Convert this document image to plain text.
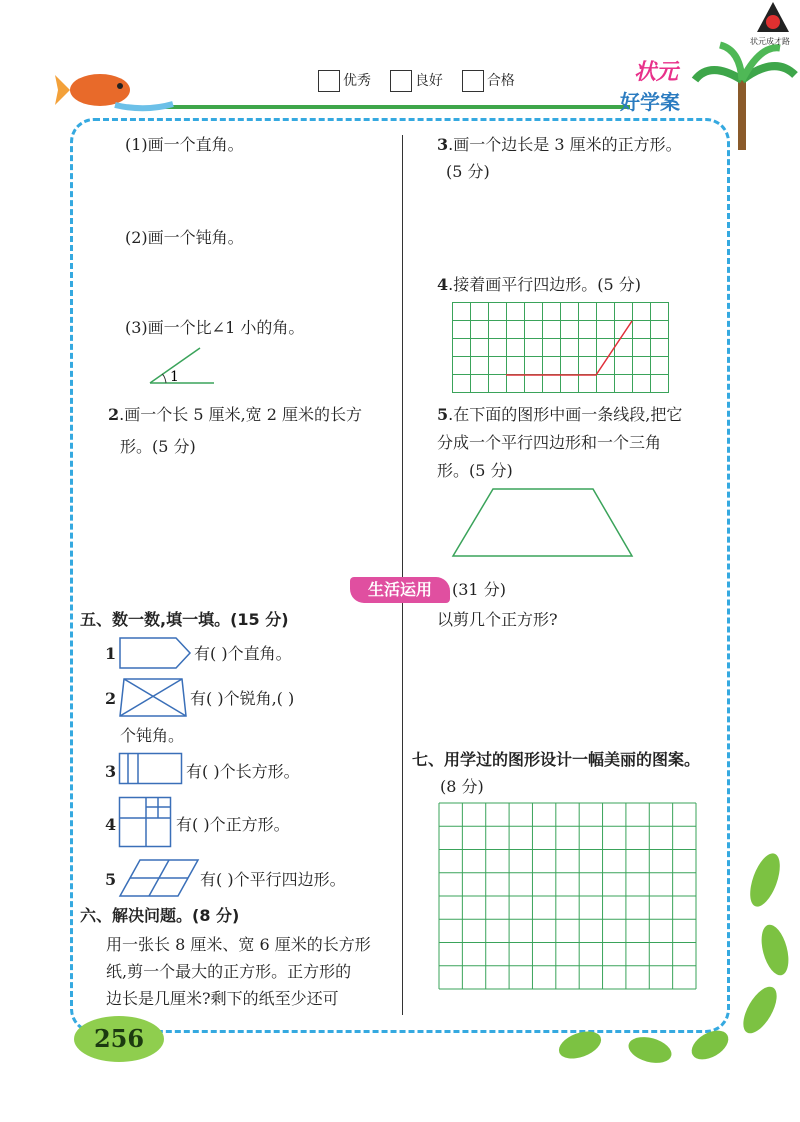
状元成才路
优秀	良好	合格	状元
好学案
(1)画一个直角。
(2)画一个钝角。
(3)画一个比∠1 小的角。
1
2.画一个长 5 厘米,宽 2 厘米的长方
形。(5 分)
3.画一个边长是 3 厘米的正方形。
(5 分)
4.接着画平行四边形。(5 分)
5.在下面的图形中画一条线段,把它
分成一个平行四边形和一个三角
形。(5 分)
生活运用	(31 分)
五、数一数,填一填。(15 分)
1	有( )个直角。
2	有( )个锐角,( )
个钝角。
3	有( )个长方形。
4	有( )个正方形。
5	有( )个平行四边形。
六、解决问题。(8 分)
用一张长 8 厘米、宽 6 厘米的长方形
纸,剪一个最大的正方形。正方形的
边长是几厘米?剩下的纸至少还可
以剪几个正方形?
七、用学过的图形设计一幅美丽的图案。
(8 分)
256
